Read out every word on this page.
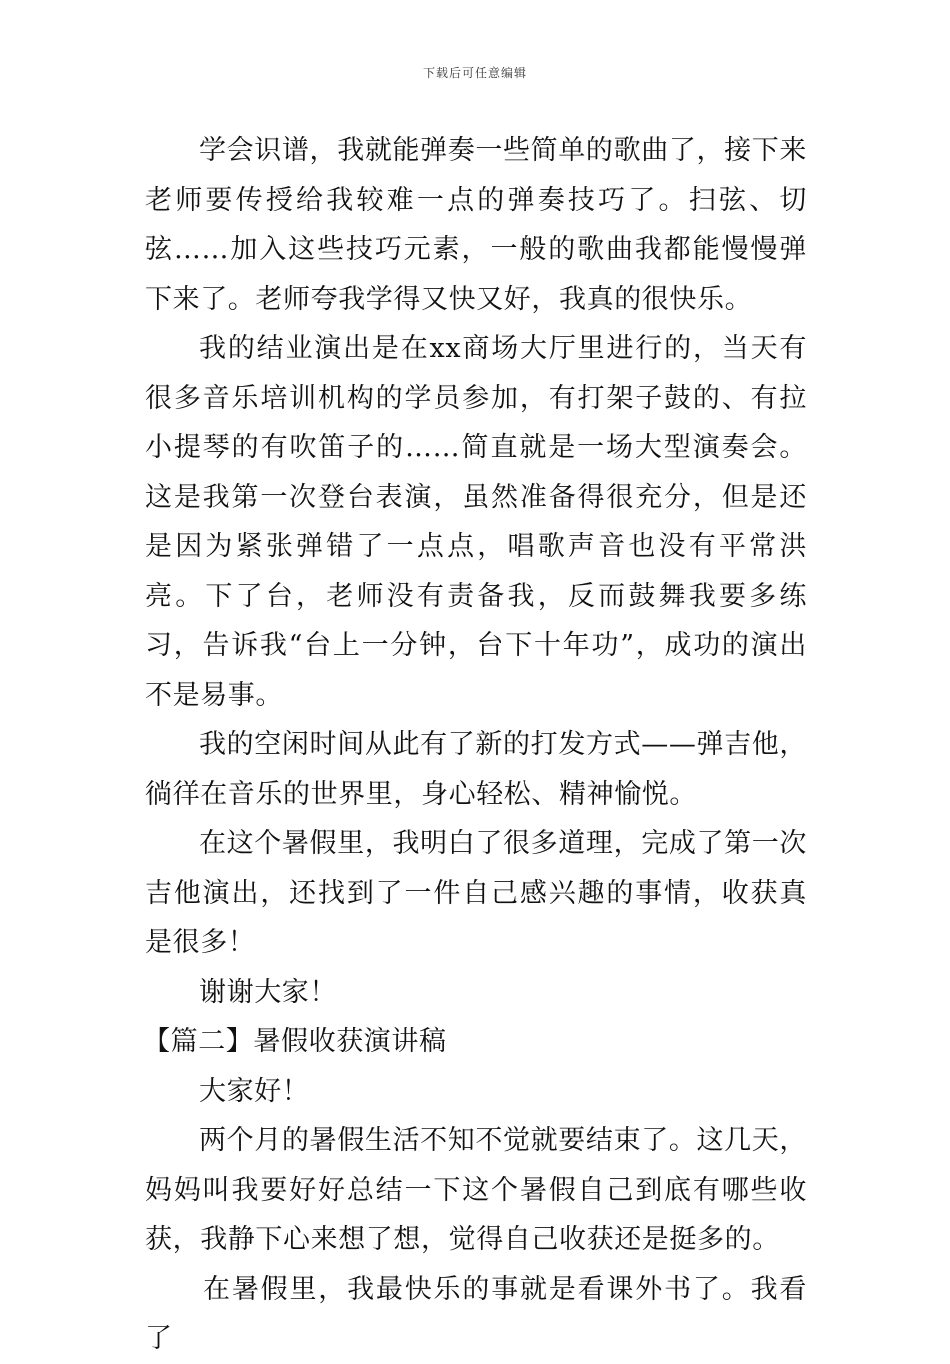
下载后可任意编辑

学会识谱，我就能弹奏一些简单的歌曲了，接下来老师要传授给我较难一点的弹奏技巧了。扫弦、切弦……加入这些技巧元素，一般的歌曲我都能慢慢弹下来了。老师夸我学得又快又好，我真的很快乐。

我的结业演出是在xx商场大厅里进行的，当天有很多音乐培训机构的学员参加，有打架子鼓的、有拉小提琴的有吹笛子的……简直就是一场大型演奏会。这是我第一次登台表演，虽然准备得很充分，但是还是因为紧张弹错了一点点，唱歌声音也没有平常洪亮。下了台，老师没有责备我，反而鼓舞我要多练习，告诉我“台上一分钟，台下十年功”，成功的演出不是易事。

我的空闲时间从此有了新的打发方式——弹吉他，徜徉在音乐的世界里，身心轻松、精神愉悦。

在这个暑假里，我明白了很多道理，完成了第一次吉他演出，还找到了一件自己感兴趣的事情，收获真是很多！

谢谢大家！

【篇二】暑假收获演讲稿

大家好！

两个月的暑假生活不知不觉就要结束了。这几天，妈妈叫我要好好总结一下这个暑假自己到底有哪些收获，我静下心来想了想，觉得自己收获还是挺多的。

在暑假里，我最快乐的事就是看课外书了。我看了
